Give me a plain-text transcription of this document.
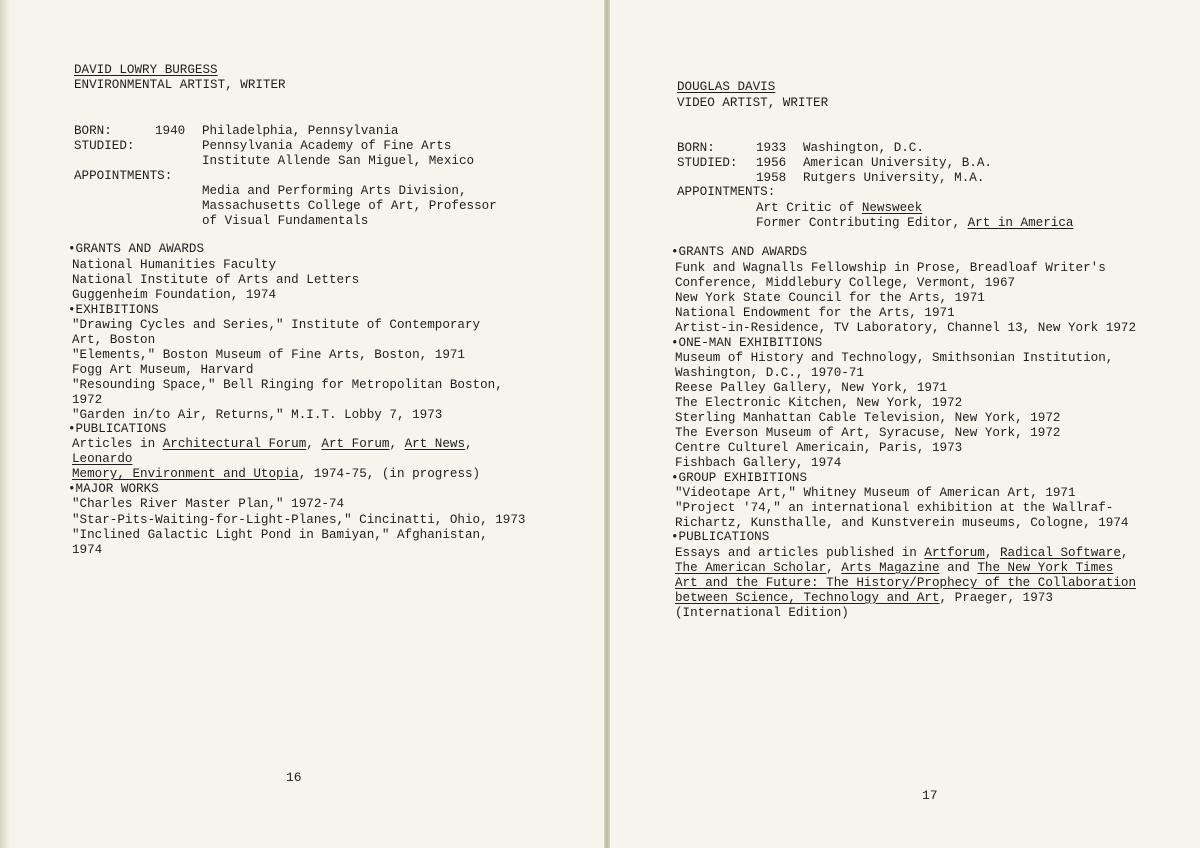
DAVID LOWRY BURGESS
ENVIRONMENTAL ARTIST, WRITER
BORN:	1940 Philadelphia, Pennsylvania
STUDIED:	Pennsylvania Academy of Fine Arts
Institute Allende San Miguel, Mexico
APPOINTMENTS:
Media and Performing Arts Division,
Massachusetts College of Art, Professor
of Visual Fundamentals
•GRANTS AND AWARDS
National Humanities Faculty
National Institute of Arts and Letters
Guggenheim Foundation, 1974
•EXHIBITIONS
"Drawing Cycles and Series," Institute of Contemporary
Art, Boston
"Elements," Boston Museum of Fine Arts, Boston, 1971
Fogg Art Museum, Harvard
"Resounding Space," Bell Ringing for Metropolitan Boston,
1972
"Garden in/to Air, Returns," M.I.T. Lobby 7, 1973
•PUBLICATIONS
Articles in Architectural Forum, Art Forum, Art News,
Leonardo
Memory, Environment and Utopia, 1974-75, (in progress)
•MAJOR WORKS
"Charles River Master Plan," 1972-74
"Star-Pits-Waiting-for-Light-Planes," Cincinatti, Ohio, 1973
"Inclined Galactic Light Pond in Bamiyan," Afghanistan,
1974
16
DOUGLAS DAVIS
VIDEO ARTIST, WRITER
BORN:	1933 Washington, D.C.
STUDIED: 1956 American University, B.A.
1958 Rutgers University, M.A.
APPOINTMENTS:
Art Critic of Newsweek
Former Contributing Editor, Art in America
•GRANTS AND AWARDS
Funk and Wagnalls Fellowship in Prose, Breadloaf Writer's
Conference, Middlebury College, Vermont, 1967
New York State Council for the Arts, 1971
National Endowment for the Arts, 1971
Artist-in-Residence, TV Laboratory, Channel 13, New York 1972
•ONE-MAN EXHIBITIONS
Museum of History and Technology, Smithsonian Institution,
Washington, D.C., 1970-71
Reese Palley Gallery, New York, 1971
The Electronic Kitchen, New York, 1972
Sterling Manhattan Cable Television, New York, 1972
The Everson Museum of Art, Syracuse, New York, 1972
Centre Culturel Americain, Paris, 1973
Fishbach Gallery, 1974
•GROUP EXHIBITIONS
"Videotape Art," Whitney Museum of American Art, 1971
"Project '74," an international exhibition at the Wallraf-
Richartz, Kunsthalle, and Kunstverein museums, Cologne, 1974
•PUBLICATIONS
Essays and articles published in Artforum, Radical Software,
The American Scholar, Arts Magazine and The New York Times
Art and the Future: The History/Prophecy of the Collaboration
between Science, Technology and Art, Praeger, 1973
(International Edition)
17
